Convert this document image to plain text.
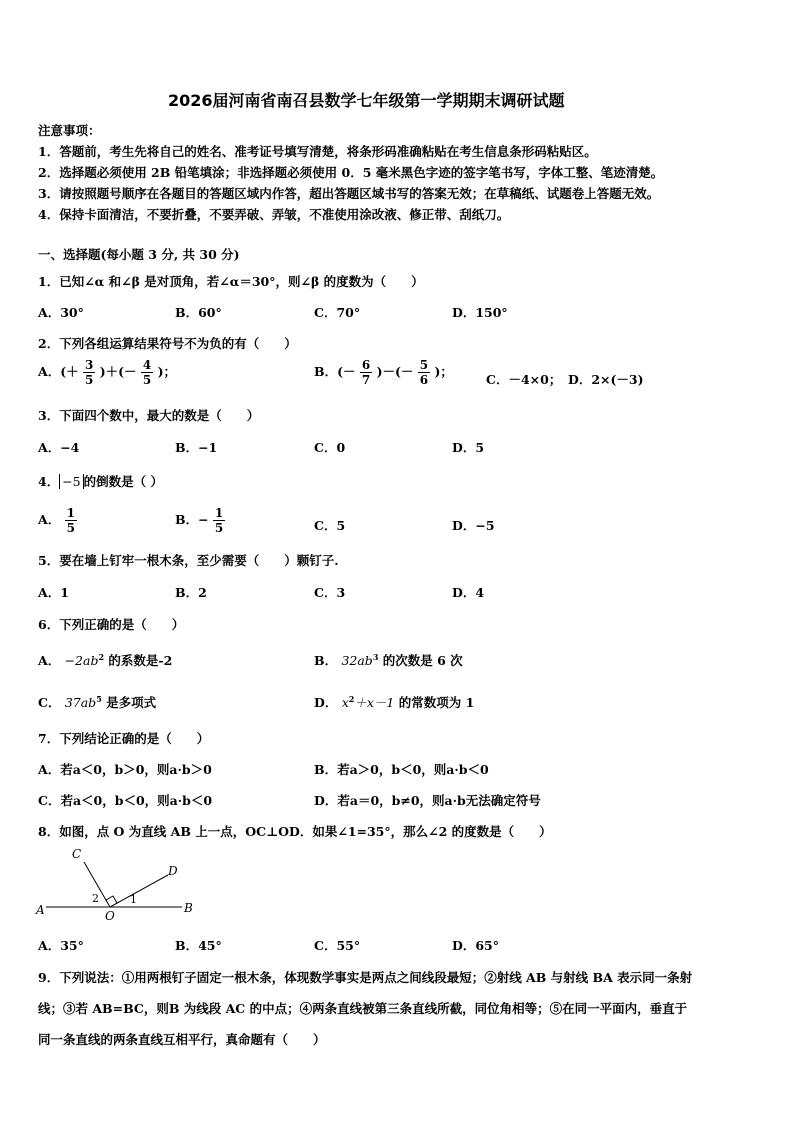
2026届河南省南召县数学七年级第一学期期末调研试题
注意事项：
1．答题前，考生先将自己的姓名、准考证号填写清楚，将条形码准确粘贴在考生信息条形码粘贴区。
2．选择题必须使用 2B 铅笔填涂；非选择题必须使用 0．5 毫米黑色字迹的签字笔书写，字体工整、笔迹清楚。
3．请按照题号顺序在各题目的答题区域内作答，超出答题区域书写的答案无效；在草稿纸、试题卷上答题无效。
4．保持卡面清洁，不要折叠，不要弄破、弄皱，不准使用涂改液、修正带、刮纸刀。
一、选择题(每小题 3 分, 共 30 分)
1．已知∠α 和∠β 是对顶角，若∠α＝30°，则∠β 的度数为（　　）
A．30°	B．60°	C．70°	D．150°
2．下列各组运算结果符号不为负的有（　　）
A．(＋ $\frac{3}{5}$ )＋(－ $\frac{4}{5}$ )；	B．(－ $\frac{6}{7}$ )－(－ $\frac{5}{6}$ )；
C．－4×0； D．2×(－3)
3．下面四个数中，最大的数是（　　）
A．−4	B．−1	C．0	D．5
4． −5 的倒数是（ ）
A． $\frac{1}{5}$	B．− $\frac{1}{5}$	C．5	D．−5
5．要在墙上钉牢一根木条，至少需要（　　）颗钉子.
A．1	B．2	C．3	D．4
6．下列正确的是（　　）
A． $-2ab^2$ 的系数是-2	B． $32ab^3$ 的次数是 6 次
C． $37ab^5$ 是多项式	D． $x^2+x-1$ 的常数项为 1
7．下列结论正确的是（　　）
A．若a＜0，b＞0，则a·b＞0	B．若a＞0，b＜0，则a·b＜0
C．若a＜0，b＜0，则a·b＜0	D．若a＝0，b≠0，则a·b无法确定符号
8．如图，点 O 为直线 AB 上一点，OC⊥OD．如果∠1=35°，那么∠2 的度数是（　　）
A	B
C
D
O
1
2
A．35°	B．45°	C．55°	D．65°
9．下列说法：①用两根钉子固定一根木条，体现数学事实是两点之间线段最短；②射线 AB 与射线 BA 表示同一条射
线；③若 AB=BC，则B 为线段 AC 的中点；④两条直线被第三条直线所截，同位角相等；⑤在同一平面内，垂直于
同一条直线的两条直线互相平行，真命题有（　　）
